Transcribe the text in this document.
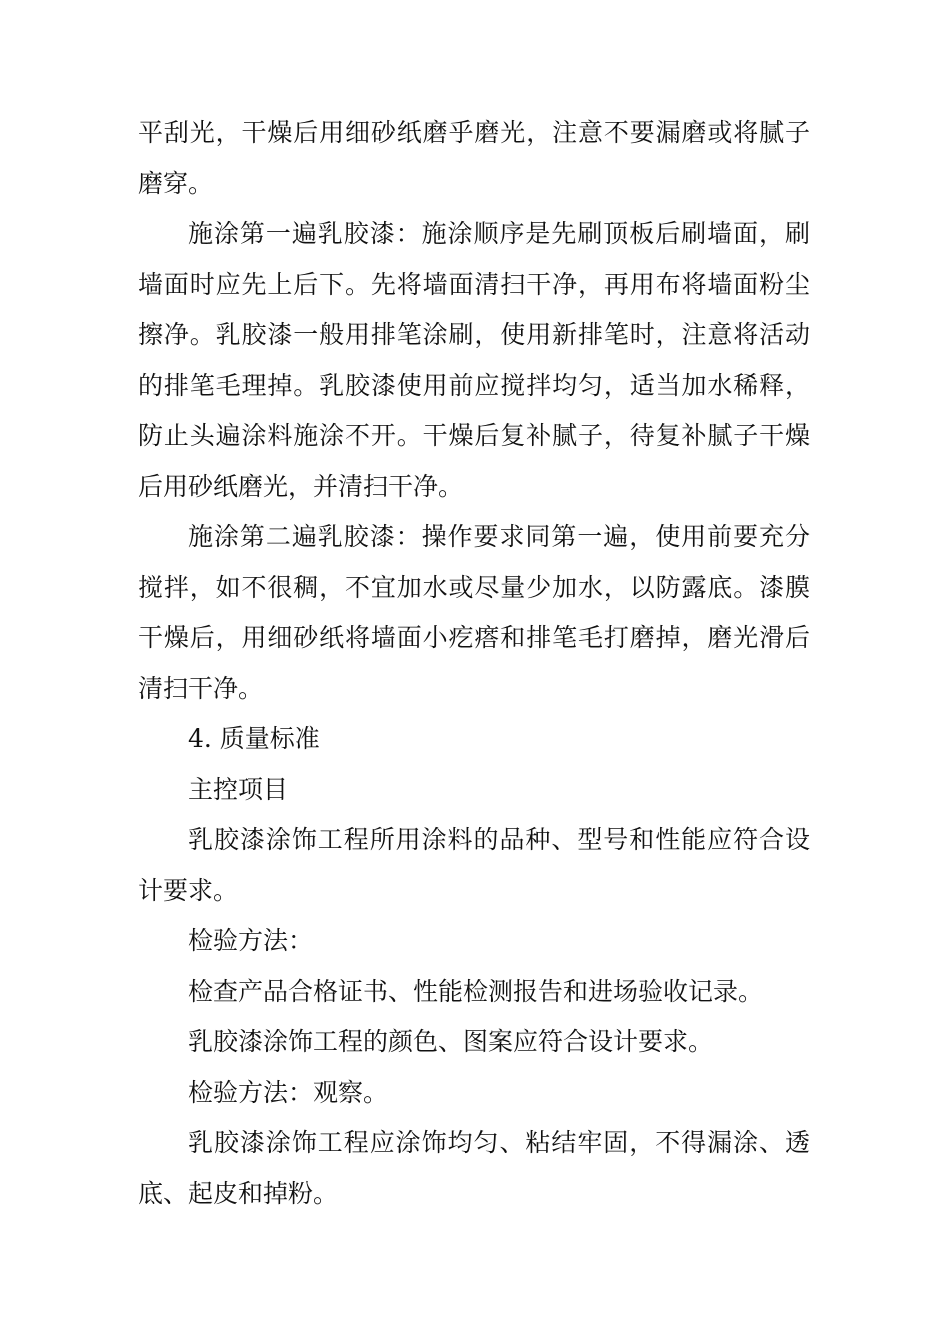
平刮光，干燥后用细砂纸磨乎磨光，注意不要漏磨或将腻子磨穿。

施涂第一遍乳胶漆：施涂顺序是先刷顶板后刷墙面，刷墙面时应先上后下。先将墙面清扫干净，再用布将墙面粉尘擦净。乳胶漆一般用排笔涂刷，使用新排笔时，注意将活动的排笔毛理掉。乳胶漆使用前应搅拌均匀，适当加水稀释，防止头遍涂料施涂不开。干燥后复补腻子，待复补腻子干燥后用砂纸磨光，并清扫干净。

施涂第二遍乳胶漆：操作要求同第一遍，使用前要充分搅拌，如不很稠，不宜加水或尽量少加水，以防露底。漆膜干燥后，用细砂纸将墙面小疙瘩和排笔毛打磨掉，磨光滑后清扫干净。

4. 质量标准

主控项目

乳胶漆涂饰工程所用涂料的品种、型号和性能应符合设计要求。

检验方法：

检查产品合格证书、性能检测报告和进场验收记录。

乳胶漆涂饰工程的颜色、图案应符合设计要求。

检验方法：观察。

乳胶漆涂饰工程应涂饰均匀、粘结牢固，不得漏涂、透底、起皮和掉粉。
